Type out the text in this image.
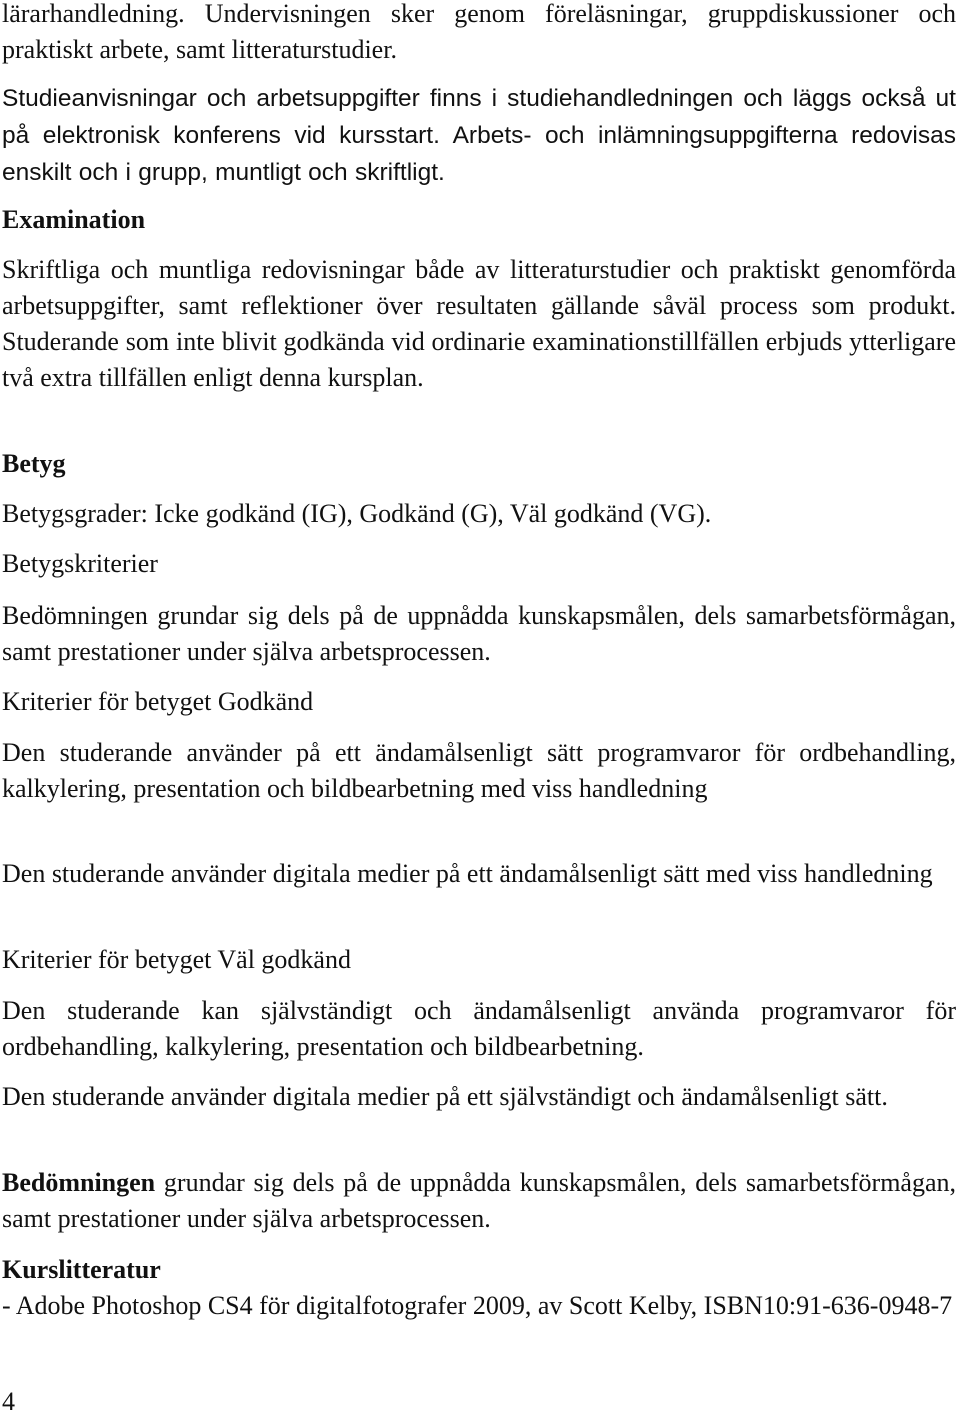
lärarhandledning. Undervisningen sker genom föreläsningar, gruppdiskussioner och praktiskt arbete, samt litteraturstudier.

Studieanvisningar och arbetsuppgifter finns i studiehandledningen och läggs också ut på elektronisk konferens vid kursstart. Arbets- och inlämningsuppgifterna redovisas enskilt och i grupp, muntligt och skriftligt.

Examination

Skriftliga och muntliga redovisningar både av litteraturstudier och praktiskt genomförda arbetsuppgifter, samt reflektioner över resultaten gällande såväl process som produkt. Studerande som inte blivit godkända vid ordinarie examinationstillfällen erbjuds ytterligare två extra tillfällen enligt denna kursplan.

Betyg

Betygsgrader: Icke godkänd (IG), Godkänd (G), Väl godkänd (VG).

Betygskriterier

Bedömningen grundar sig dels på de uppnådda kunskapsmålen, dels samarbetsförmågan, samt prestationer under själva arbetsprocessen.

Kriterier för betyget Godkänd

Den studerande använder på ett ändamålsenligt sätt programvaror för ordbehandling, kalkylering, presentation och bildbearbetning med viss handledning

Den studerande använder digitala medier på ett ändamålsenligt sätt med viss handledning

Kriterier för betyget Väl godkänd

Den studerande kan självständigt och ändamålsenligt använda programvaror för ordbehandling, kalkylering, presentation och bildbearbetning.

Den studerande använder digitala medier på ett självständigt och ändamålsenligt sätt.

Bedömningen grundar sig dels på de uppnådda kunskapsmålen, dels samarbetsförmågan, samt prestationer under själva arbetsprocessen.

Kurslitteratur

- Adobe Photoshop CS4 för digitalfotografer 2009, av Scott Kelby, ISBN10:91-636-0948-7

4
